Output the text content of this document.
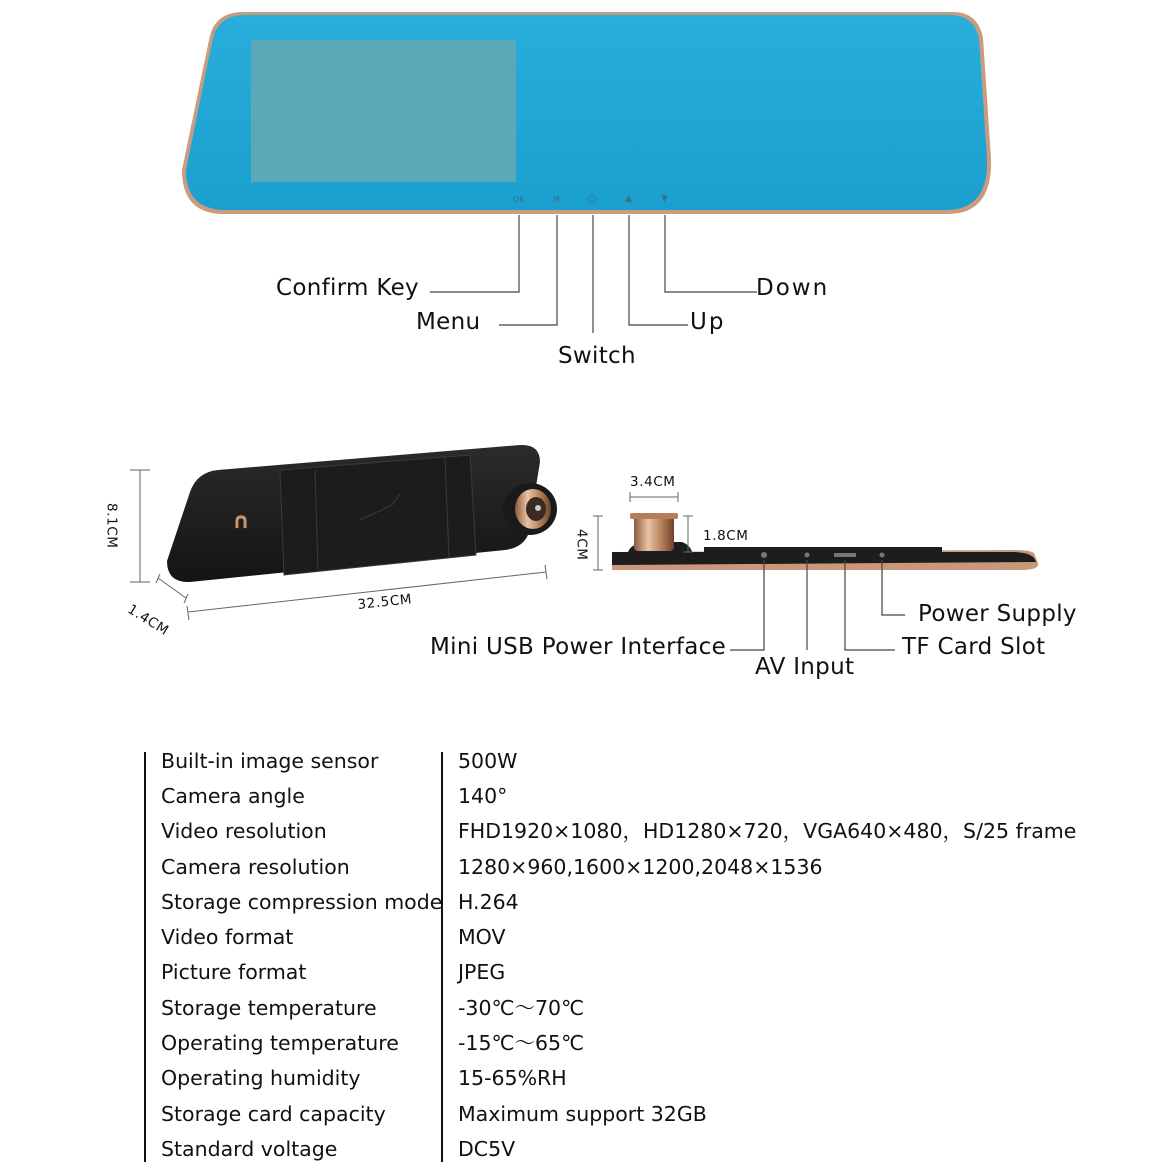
∩
OK	M	⏻	▲	▼
Confirm Key
Menu
Switch
Up
Down
8.1CM
1.4CM	32.5CM
3.4CM
1.8CM
4CM
Power Supply
TF Card Slot
Mini USB Power Interface
AV Input
Built-in image sensor	500W
Camera angle	140°
Video resolution	FHD1920×1080，HD1280×720，VGA640×480，S/25 frame
Camera resolution	1280×960,1600×1200,2048×1536
Storage compression mode H.264
Video format	MOV
Picture format	JPEG
Storage temperature	-30℃～70℃
Operating temperature	-15℃～65℃
Operating humidity	15-65%RH
Storage card capacity	Maximum support 32GB
Standard voltage	DC5V
